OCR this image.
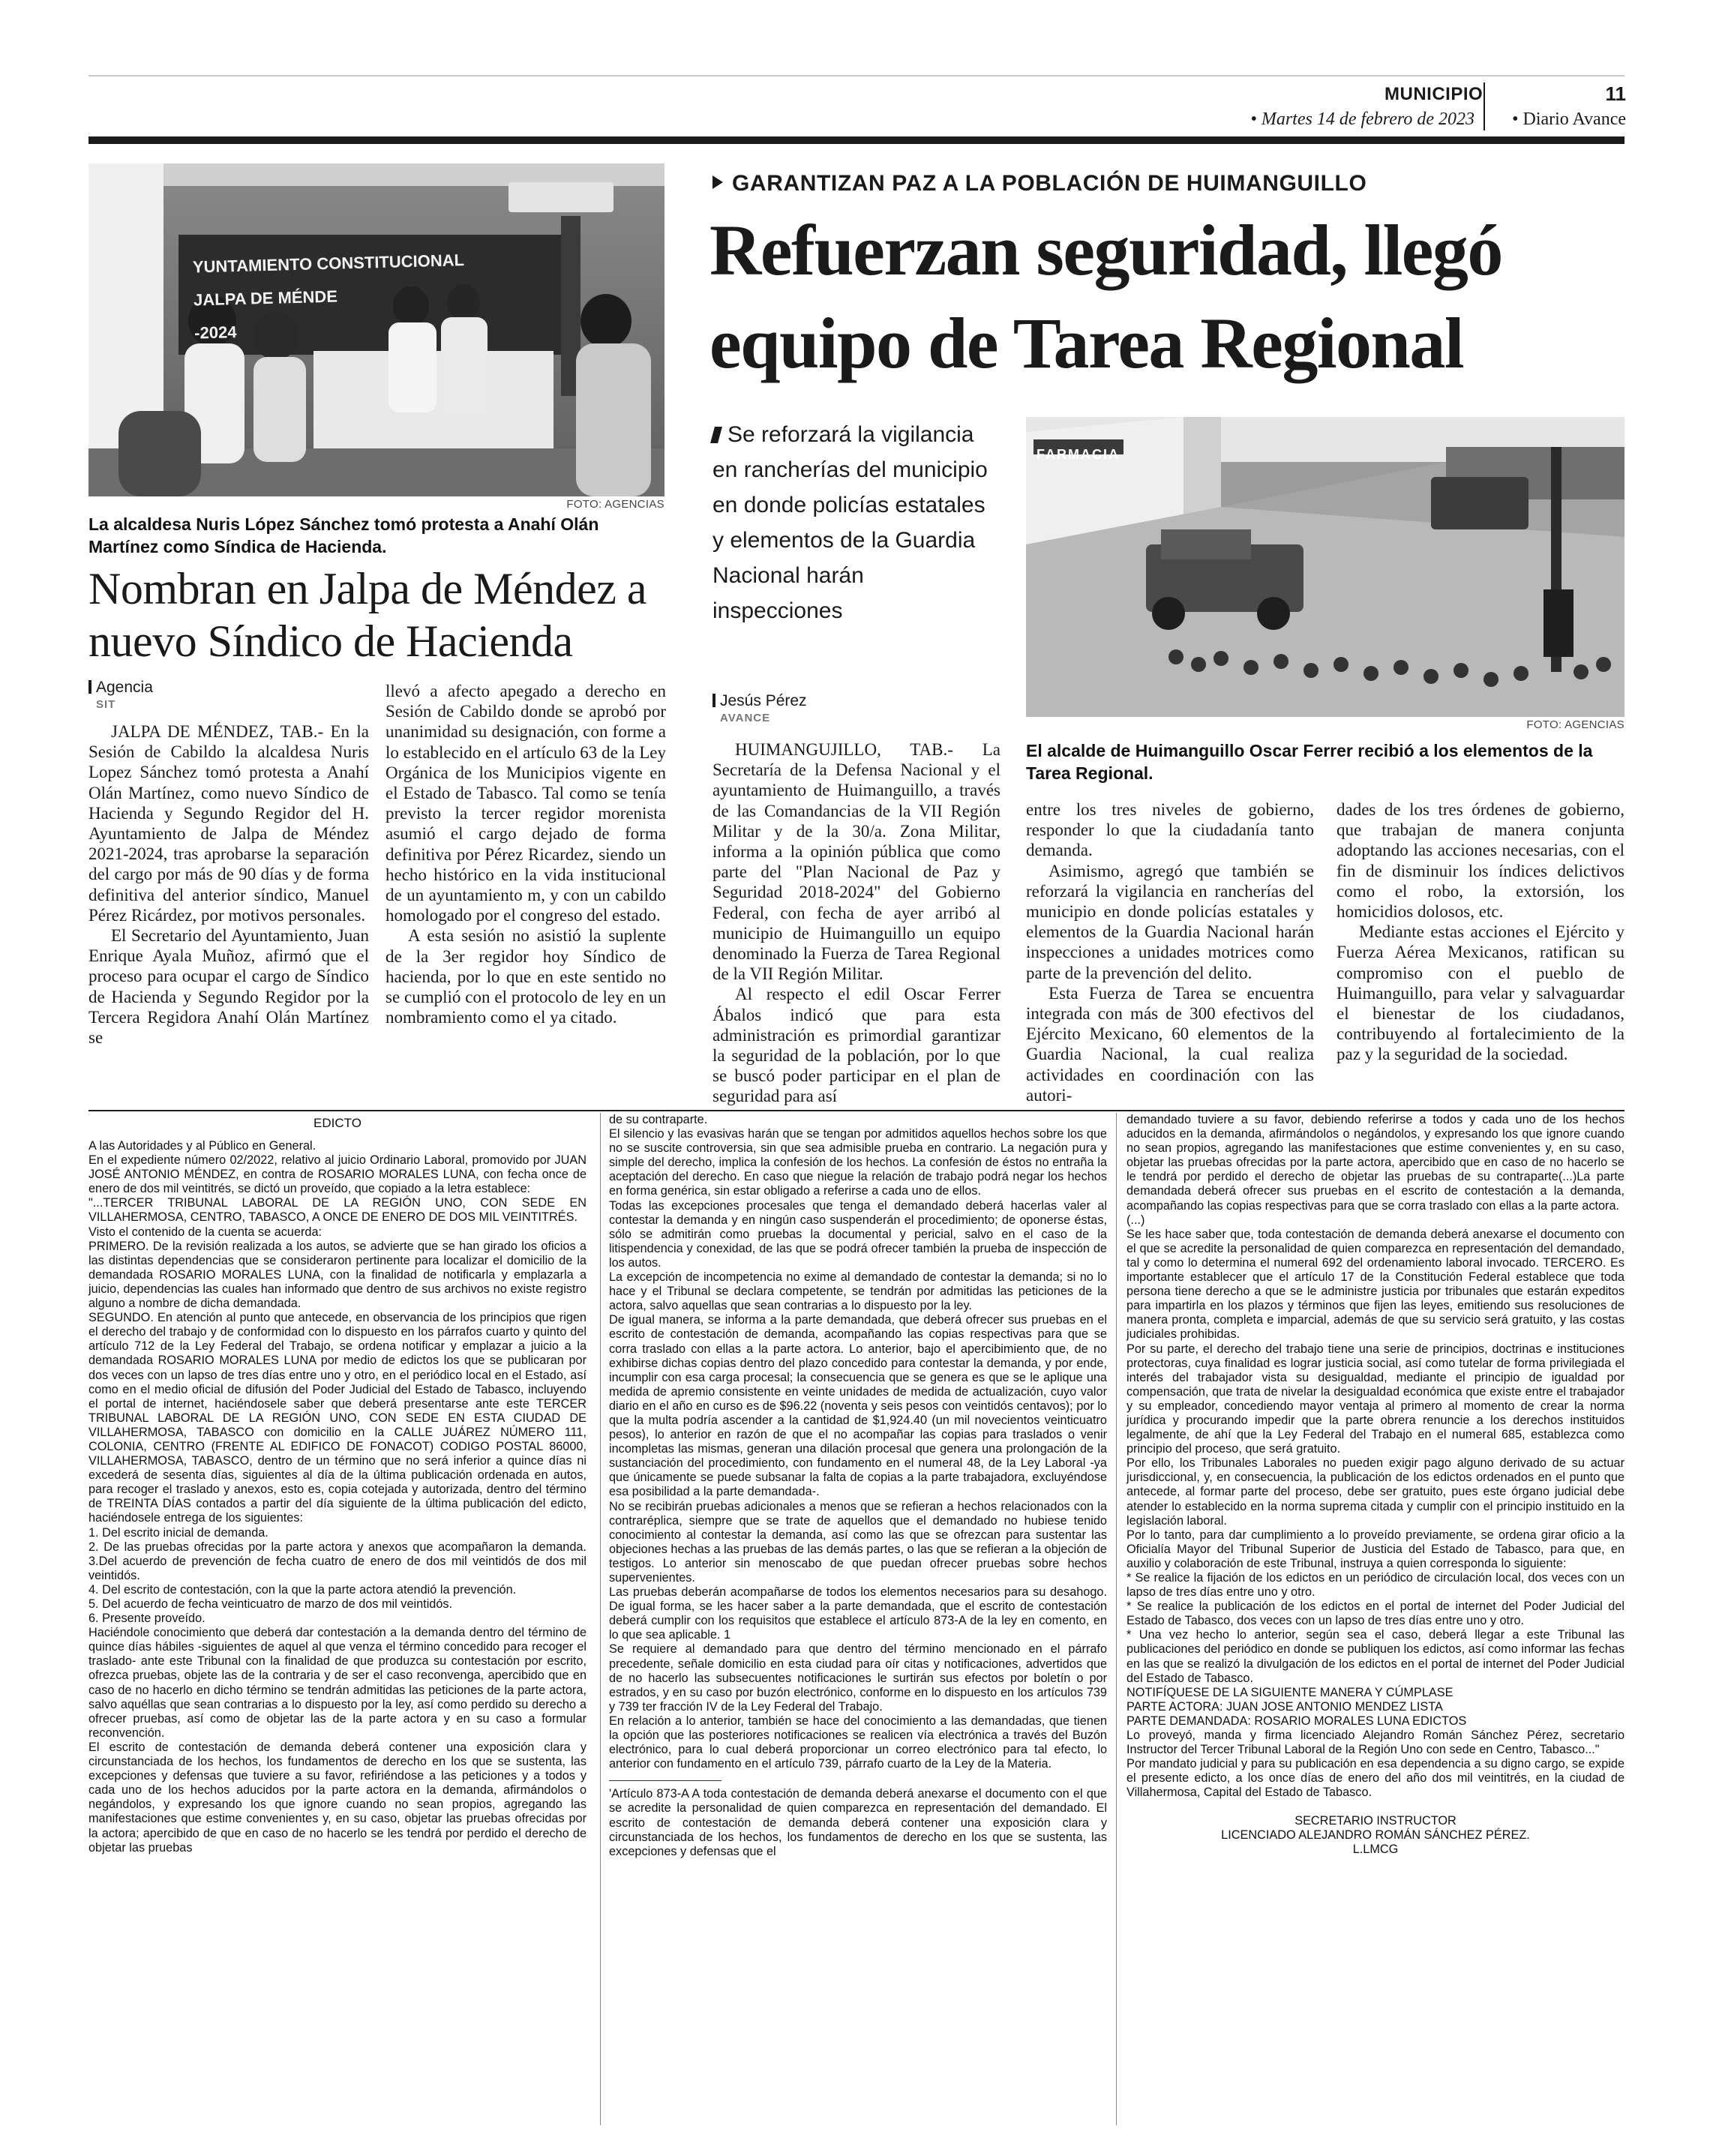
MUNICIPIO	11
• Martes 14 de febrero de 2023	• Diario Avance
YUNTAMIENTO CONSTITUCIONAL
JALPA DE MÉNDE
-2024
FOTO: AGENCIAS
La alcaldesa Nuris López Sánchez tomó protesta a Anahí Olán Martínez como Síndica de Hacienda.
Nombran en Jalpa de Méndez a nuevo Síndico de Hacienda
Agencia
SIT

JALPA DE MÉNDEZ, TAB.- En la Sesión de Cabildo la alcaldesa Nuris Lopez Sánchez tomó protesta a Anahí Olán Martínez, como nuevo Síndico de Hacienda y Segundo Regidor del H. Ayuntamiento de Jalpa de Méndez 2021-2024, tras aprobarse la separación del cargo por más de 90 días y de forma definitiva del anterior síndico, Manuel Pérez Ricárdez, por motivos personales.

El Secretario del Ayuntamiento, Juan Enrique Ayala Muñoz, afirmó que el proceso para ocupar el cargo de Síndico de Hacienda y Segundo Regidor por la Tercera Regidora Anahí Olán Martínez se

llevó a afecto apegado a derecho en Sesión de Cabildo donde se aprobó por unanimidad su designación, con forme a lo establecido en el artículo 63 de la Ley Orgánica de los Municipios vigente en el Estado de Tabasco. Tal como se tenía previsto la tercer regidor morenista asumió el cargo dejado de forma definitiva por Pérez Ricardez, siendo un hecho histórico en la vida institucional de un ayuntamiento m, y con un cabildo homologado por el congreso del estado.

A esta sesión no asistió la suplente de la 3er regidor hoy Síndico de hacienda, por lo que en este sentido no se cumplió con el protocolo de ley en un nombramiento como el ya citado.

GARANTIZAN PAZ A LA POBLACIÓN DE HUIMANGUILLO
Refuerzan seguridad, llegó equipo de Tarea Regional
Se reforzará la vigilancia en rancherías del municipio en donde policías estatales y elementos de la Guardia Nacional harán inspecciones
Jesús Pérez
AVANCE
FARMACIA
FOTO: AGENCIAS
El alcalde de Huimanguillo Oscar Ferrer recibió a los elementos de la Tarea Regional.

HUIMANGUJILLO, TAB.- La Secretaría de la Defensa Nacional y el ayuntamiento de Huimanguillo, a través de las Comandancias de la VII Región Militar y de la 30/a. Zona Militar, informa a la opinión pública que como parte del "Plan Nacional de Paz y Seguridad 2018-2024" del Gobierno Federal, con fecha de ayer arribó al municipio de Huimanguillo un equipo denominado la Fuerza de Tarea Regional de la VII Región Militar.

Al respecto el edil Oscar Ferrer Ábalos indicó que para esta administración es primordial garantizar la seguridad de la población, por lo que se buscó poder participar en el plan de seguridad para así

entre los tres niveles de gobierno, responder lo que la ciudadanía tanto demanda.

Asimismo, agregó que también se reforzará la vigilancia en rancherías del municipio en donde policías estatales y elementos de la Guardia Nacional harán inspecciones a unidades motrices como parte de la prevención del delito.

Esta Fuerza de Tarea se encuentra integrada con más de 300 efectivos del Ejército Mexicano, 60 elementos de la Guardia Nacional, la cual realiza actividades en coordinación con las autori-

dades de los tres órdenes de gobierno, que trabajan de manera conjunta adoptando las acciones necesarias, con el fin de disminuir los índices delictivos como el robo, la extorsión, los homicidios dolosos, etc.

Mediante estas acciones el Ejército y Fuerza Aérea Mexicanos, ratifican su compromiso con el pueblo de Huimanguillo, para velar y salvaguardar el bienestar de los ciudadanos, contribuyendo al fortalecimiento de la paz y la seguridad de la sociedad.

EDICTO

A las Autoridades y al Público en General.

En el expediente número 02/2022, relativo al juicio Ordinario Laboral, promovido por JUAN JOSÉ ANTONIO MÉNDEZ, en contra de ROSARIO MORALES LUNA, con fecha once de enero de dos mil veintitrés, se dictó un proveído, que copiado a la letra establece:

"...TERCER TRIBUNAL LABORAL DE LA REGIÓN UNO, CON SEDE EN VILLAHERMOSA, CENTRO, TABASCO, A ONCE DE ENERO DE DOS MIL VEINTITRÉS.

Visto el contenido de la cuenta se acuerda:

PRIMERO. De la revisión realizada a los autos, se advierte que se han girado los oficios a las distintas dependencias que se consideraron pertinente para localizar el domicilio de la demandada ROSARIO MORALES LUNA, con la finalidad de notificarla y emplazarla a juicio, dependencias las cuales han informado que dentro de sus archivos no existe registro alguno a nombre de dicha demandada.

SEGUNDO. En atención al punto que antecede, en observancia de los principios que rigen el derecho del trabajo y de conformidad con lo dispuesto en los párrafos cuarto y quinto del artículo 712 de la Ley Federal del Trabajo, se ordena notificar y emplazar a juicio a la demandada ROSARIO MORALES LUNA por medio de edictos los que se publicaran por dos veces con un lapso de tres días entre uno y otro, en el periódico local en el Estado, así como en el medio oficial de difusión del Poder Judicial del Estado de Tabasco, incluyendo el portal de internet, haciéndosele saber que deberá presentarse ante este TERCER TRIBUNAL LABORAL DE LA REGIÓN UNO, CON SEDE EN ESTA CIUDAD DE VILLAHERMOSA, TABASCO con domicilio en la CALLE JUÁREZ NÚMERO 111, COLONIA, CENTRO (FRENTE AL EDIFICO DE FONACOT) CODIGO POSTAL 86000, VILLAHERMOSA, TABASCO, dentro de un término que no será inferior a quince días ni excederá de sesenta días, siguientes al día de la última publicación ordenada en autos, para recoger el traslado y anexos, esto es, copia cotejada y autorizada, dentro del término de TREINTA DÍAS contados a partir del día siguiente de la última publicación del edicto, haciéndosele entrega de los siguientes:

1. Del escrito inicial de demanda.

2. De las pruebas ofrecidas por la parte actora y anexos que acompañaron la demanda. 3.Del acuerdo de prevención de fecha cuatro de enero de dos mil veintidós de dos mil veintidós.

4. Del escrito de contestación, con la que la parte actora atendió la prevención.

5. Del acuerdo de fecha veinticuatro de marzo de dos mil veintidós.

6. Presente proveído.

Haciéndole conocimiento que deberá dar contestación a la demanda dentro del término de quince días hábiles -siguientes de aquel al que venza el término concedido para recoger el traslado- ante este Tribunal con la finalidad de que produzca su contestación por escrito, ofrezca pruebas, objete las de la contraria y de ser el caso reconvenga, apercibido que en caso de no hacerlo en dicho término se tendrán admitidas las peticiones de la parte actora, salvo aquéllas que sean contrarias a lo dispuesto por la ley, así como perdido su derecho a ofrecer pruebas, así como de objetar las de la parte actora y en su caso a formular reconvención.

El escrito de contestación de demanda deberá contener una exposición clara y circunstanciada de los hechos, los fundamentos de derecho en los que se sustenta, las excepciones y defensas que tuviere a su favor, refiriéndose a las peticiones y a todos y cada uno de los hechos aducidos por la parte actora en la demanda, afirmándolos o negándolos, y expresando los que ignore cuando no sean propios, agregando las manifestaciones que estime convenientes y, en su caso, objetar las pruebas ofrecidas por la actora; apercibido de que en caso de no hacerlo se les tendrá por perdido el derecho de objetar las pruebas

de su contraparte.

El silencio y las evasivas harán que se tengan por admitidos aquellos hechos sobre los que no se suscite controversia, sin que sea admisible prueba en contrario. La negación pura y simple del derecho, implica la confesión de los hechos. La confesión de éstos no entraña la aceptación del derecho. En caso que niegue la relación de trabajo podrá negar los hechos en forma genérica, sin estar obligado a referirse a cada uno de ellos.

Todas las excepciones procesales que tenga el demandado deberá hacerlas valer al contestar la demanda y en ningún caso suspenderán el procedimiento; de oponerse éstas, sólo se admitirán como pruebas la documental y pericial, salvo en el caso de la litispendencia y conexidad, de las que se podrá ofrecer también la prueba de inspección de los autos.

La excepción de incompetencia no exime al demandado de contestar la demanda; si no lo hace y el Tribunal se declara competente, se tendrán por admitidas las peticiones de la actora, salvo aquellas que sean contrarias a lo dispuesto por la ley.

De igual manera, se informa a la parte demandada, que deberá ofrecer sus pruebas en el escrito de contestación de demanda, acompañando las copias respectivas para que se corra traslado con ellas a la parte actora. Lo anterior, bajo el apercibimiento que, de no exhibirse dichas copias dentro del plazo concedido para contestar la demanda, y por ende, incumplir con esa carga procesal; la consecuencia que se genera es que se le aplique una medida de apremio consistente en veinte unidades de medida de actualización, cuyo valor diario en el año en curso es de $96.22 (noventa y seis pesos con veintidós centavos); por lo que la multa podría ascender a la cantidad de $1,924.40 (un mil novecientos veinticuatro pesos), lo anterior en razón de que el no acompañar las copias para traslados o venir incompletas las mismas, generan una dilación procesal que genera una prolongación de la sustanciación del procedimiento, con fundamento en el numeral 48, de la Ley Laboral -ya que únicamente se puede subsanar la falta de copias a la parte trabajadora, excluyéndose esa posibilidad a la parte demandada-.

No se recibirán pruebas adicionales a menos que se refieran a hechos relacionados con la contraréplica, siempre que se trate de aquellos que el demandado no hubiese tenido conocimiento al contestar la demanda, así como las que se ofrezcan para sustentar las objeciones hechas a las pruebas de las demás partes, o las que se refieran a la objeción de testigos. Lo anterior sin menoscabo de que puedan ofrecer pruebas sobre hechos supervenientes.

Las pruebas deberán acompañarse de todos los elementos necesarios para su desahogo. De igual forma, se les hacer saber a la parte demandada, que el escrito de contestación deberá cumplir con los requisitos que establece el artículo 873-A de la ley en comento, en lo que sea aplicable. 1

Se requiere al demandado para que dentro del término mencionado en el párrafo precedente, señale domicilio en esta ciudad para oír citas y notificaciones, advertidos que de no hacerlo las subsecuentes notificaciones le surtirán sus efectos por boletín o por estrados, y en su caso por buzón electrónico, conforme en lo dispuesto en los artículos 739 y 739 ter fracción IV de la Ley Federal del Trabajo.

En relación a lo anterior, también se hace del conocimiento a las demandadas, que tienen la opción que las posteriores notificaciones se realicen vía electrónica a través del Buzón electrónico, para lo cual deberá proporcionar un correo electrónico para tal efecto, lo anterior con fundamento en el artículo 739, párrafo cuarto de la Ley de la Materia.

'Artículo 873-A A toda contestación de demanda deberá anexarse el documento con el que se acredite la personalidad de quien comparezca en representación del demandado. El escrito de contestación de demanda deberá contener una exposición clara y circunstanciada de los hechos, los fundamentos de derecho en los que se sustenta, las excepciones y defensas que el

demandado tuviere a su favor, debiendo referirse a todos y cada uno de los hechos aducidos en la demanda, afirmándolos o negándolos, y expresando los que ignore cuando no sean propios, agregando las manifestaciones que estime convenientes y, en su caso, objetar las pruebas ofrecidas por la parte actora, apercibido que en caso de no hacerlo se le tendrá por perdido el derecho de objetar las pruebas de su contraparte(...)La parte demandada deberá ofrecer sus pruebas en el escrito de contestación a la demanda, acompañando las copias respectivas para que se corra traslado con ellas a la parte actora.

(...)

Se les hace saber que, toda contestación de demanda deberá anexarse el documento con el que se acredite la personalidad de quien comparezca en representación del demandado, tal y como lo determina el numeral 692 del ordenamiento laboral invocado. TERCERO. Es importante establecer que el artículo 17 de la Constitución Federal establece que toda persona tiene derecho a que se le administre justicia por tribunales que estarán expeditos para impartirla en los plazos y términos que fijen las leyes, emitiendo sus resoluciones de manera pronta, completa e imparcial, además de que su servicio será gratuito, y las costas judiciales prohibidas.

Por su parte, el derecho del trabajo tiene una serie de principios, doctrinas e instituciones protectoras, cuya finalidad es lograr justicia social, así como tutelar de forma privilegiada el interés del trabajador vista su desigualdad, mediante el principio de igualdad por compensación, que trata de nivelar la desigualdad económica que existe entre el trabajador y su empleador, concediendo mayor ventaja al primero al momento de crear la norma jurídica y procurando impedir que la parte obrera renuncie a los derechos instituidos legalmente, de ahí que la Ley Federal del Trabajo en el numeral 685, establezca como principio del proceso, que será gratuito.

Por ello, los Tribunales Laborales no pueden exigir pago alguno derivado de su actuar jurisdiccional, y, en consecuencia, la publicación de los edictos ordenados en el punto que antecede, al formar parte del proceso, debe ser gratuito, pues este órgano judicial debe atender lo establecido en la norma suprema citada y cumplir con el principio instituido en la legislación laboral.

Por lo tanto, para dar cumplimiento a lo proveído previamente, se ordena girar oficio a la Oficialía Mayor del Tribunal Superior de Justicia del Estado de Tabasco, para que, en auxilio y colaboración de este Tribunal, instruya a quien corresponda lo siguiente:

* Se realice la fijación de los edictos en un periódico de circulación local, dos veces con un lapso de tres días entre uno y otro.

* Se realice la publicación de los edictos en el portal de internet del Poder Judicial del Estado de Tabasco, dos veces con un lapso de tres días entre uno y otro.

* Una vez hecho lo anterior, según sea el caso, deberá llegar a este Tribunal las publicaciones del periódico en donde se publiquen los edictos, así como informar las fechas en las que se realizó la divulgación de los edictos en el portal de internet del Poder Judicial del Estado de Tabasco.

NOTIFÍQUESE DE LA SIGUIENTE MANERA Y CÚMPLASE

PARTE ACTORA: JUAN JOSE ANTONIO MENDEZ LISTA

PARTE DEMANDADA: ROSARIO MORALES LUNA EDICTOS

Lo proveyó, manda y firma licenciado Alejandro Román Sánchez Pérez, secretario Instructor del Tercer Tribunal Laboral de la Región Uno con sede en Centro, Tabasco..."

Por mandato judicial y para su publicación en esa dependencia a su digno cargo, se expide el presente edicto, a los once días de enero del año dos mil veintitrés, en la ciudad de Villahermosa, Capital del Estado de Tabasco.

SECRETARIO INSTRUCTOR

LICENCIADO ALEJANDRO ROMÁN SÁNCHEZ PÉREZ.

L.LMCG
